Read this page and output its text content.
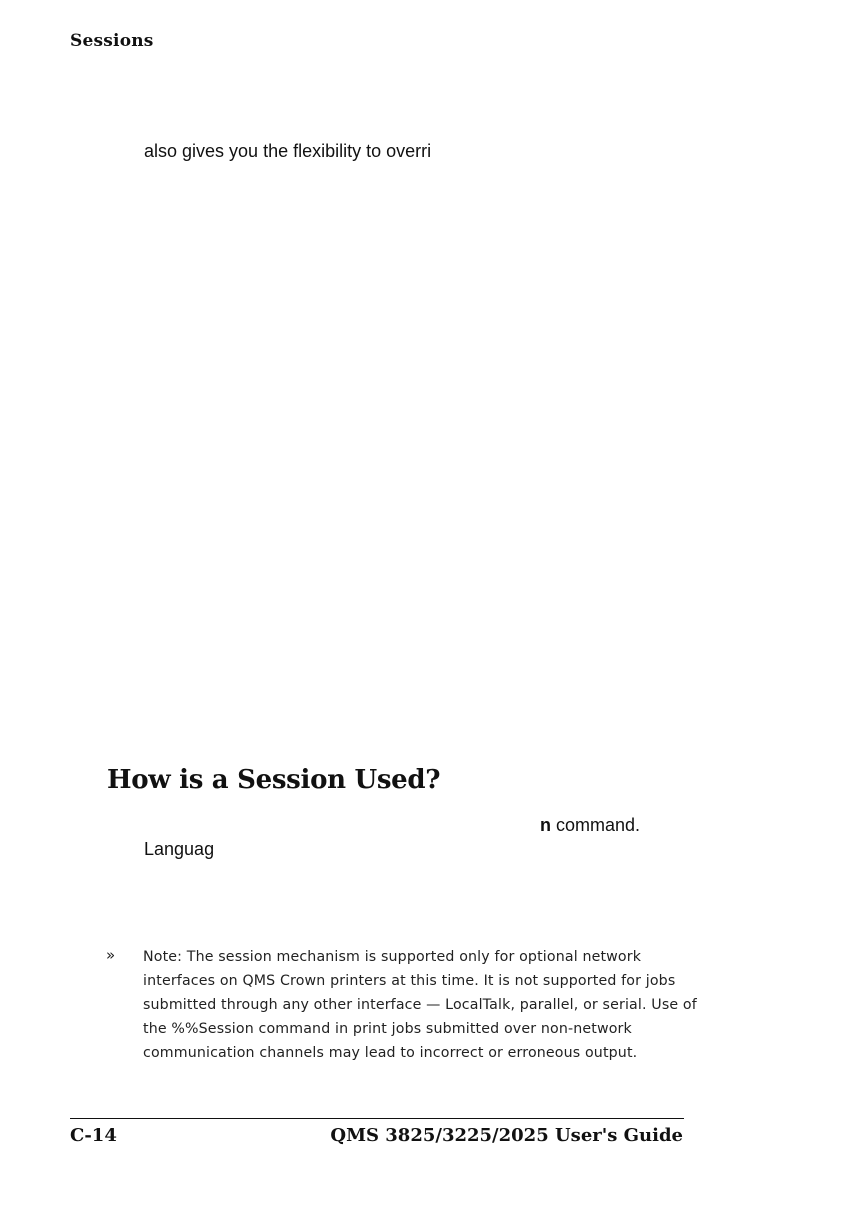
Sessions
also gives you the flexibility to overri
How is a Session Used?
n command.
Languag
» Note: The session mechanism is supported only for optional network
interfaces on QMS Crown printers at this time. It is not supported for jobs
submitted through any other interface — LocalTalk, parallel, or serial. Use of
the %%Session command in print jobs submitted over non-network
communication channels may lead to incorrect or erroneous output.
C-14	QMS 3825/3225/2025 User's Guide
